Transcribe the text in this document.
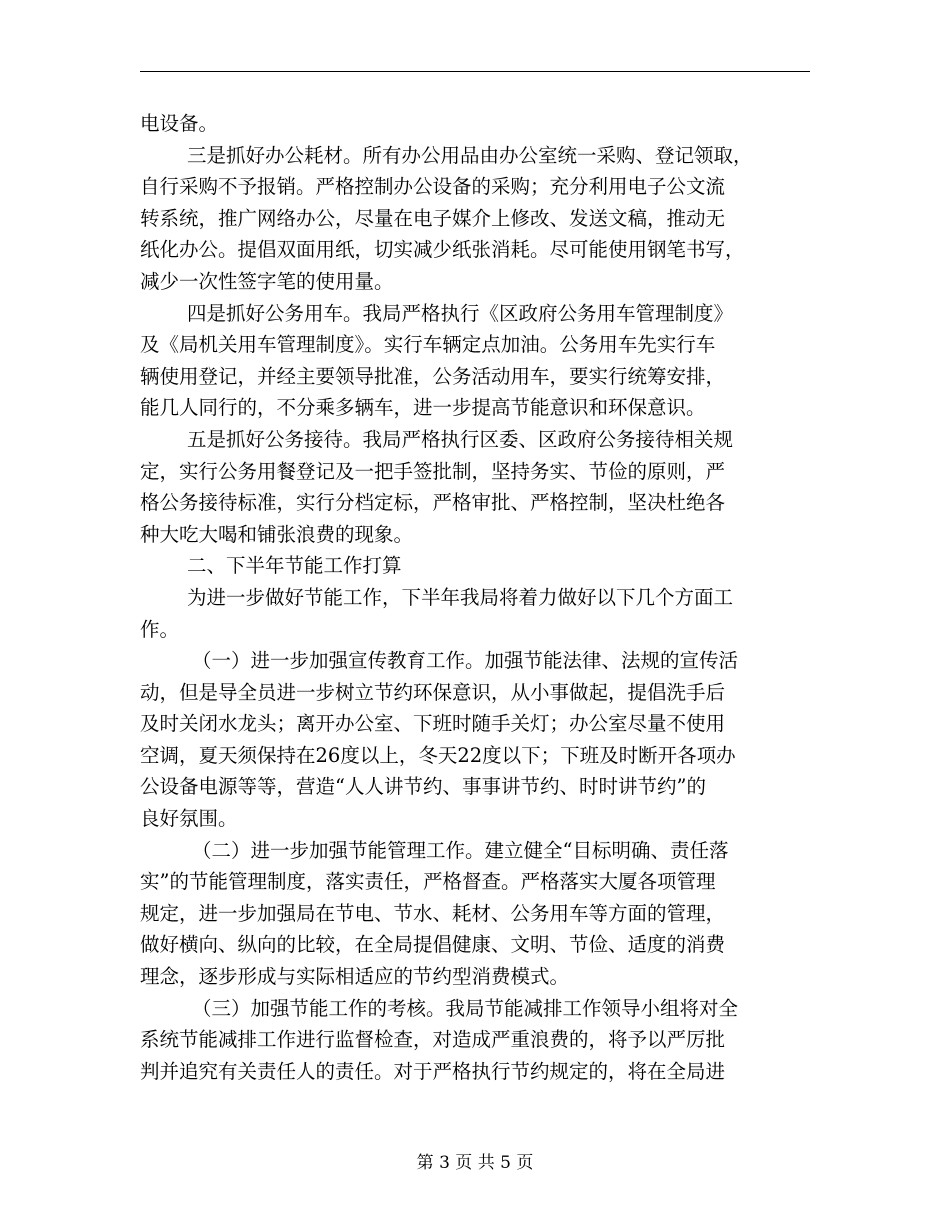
电设备。
三是抓好办公耗材。所有办公用品由办公室统一采购、登记领取，
自行采购不予报销。严格控制办公设备的采购；充分利用电子公文流
转系统，推广网络办公，尽量在电子媒介上修改、发送文稿，推动无
纸化办公。提倡双面用纸，切实减少纸张消耗。尽可能使用钢笔书写，
减少一次性签字笔的使用量。
四是抓好公务用车。我局严格执行《区政府公务用车管理制度》
及《局机关用车管理制度》。实行车辆定点加油。公务用车先实行车
辆使用登记，并经主要领导批准，公务活动用车，要实行统筹安排，
能几人同行的，不分乘多辆车，进一步提高节能意识和环保意识。
五是抓好公务接待。我局严格执行区委、区政府公务接待相关规
定，实行公务用餐登记及一把手签批制，坚持务实、节俭的原则，严
格公务接待标准，实行分档定标，严格审批、严格控制，坚决杜绝各
种大吃大喝和铺张浪费的现象。
二、下半年节能工作打算
为进一步做好节能工作，下半年我局将着力做好以下几个方面工
作。
（一）进一步加强宣传教育工作。加强节能法律、法规的宣传活
动，但是导全员进一步树立节约环保意识，从小事做起，提倡洗手后
及时关闭水龙头；离开办公室、下班时随手关灯；办公室尽量不使用
空调，夏天须保持在26度以上，冬天22度以下；下班及时断开各项办
公设备电源等等，营造“人人讲节约、事事讲节约、时时讲节约”的
良好氛围。
（二）进一步加强节能管理工作。建立健全“目标明确、责任落
实”的节能管理制度，落实责任，严格督查。严格落实大厦各项管理
规定，进一步加强局在节电、节水、耗材、公务用车等方面的管理，
做好横向、纵向的比较，在全局提倡健康、文明、节俭、适度的消费
理念，逐步形成与实际相适应的节约型消费模式。
（三）加强节能工作的考核。我局节能减排工作领导小组将对全
系统节能减排工作进行监督检查，对造成严重浪费的，将予以严厉批
判并追究有关责任人的责任。对于严格执行节约规定的，将在全局进
第 3 页 共 5 页
